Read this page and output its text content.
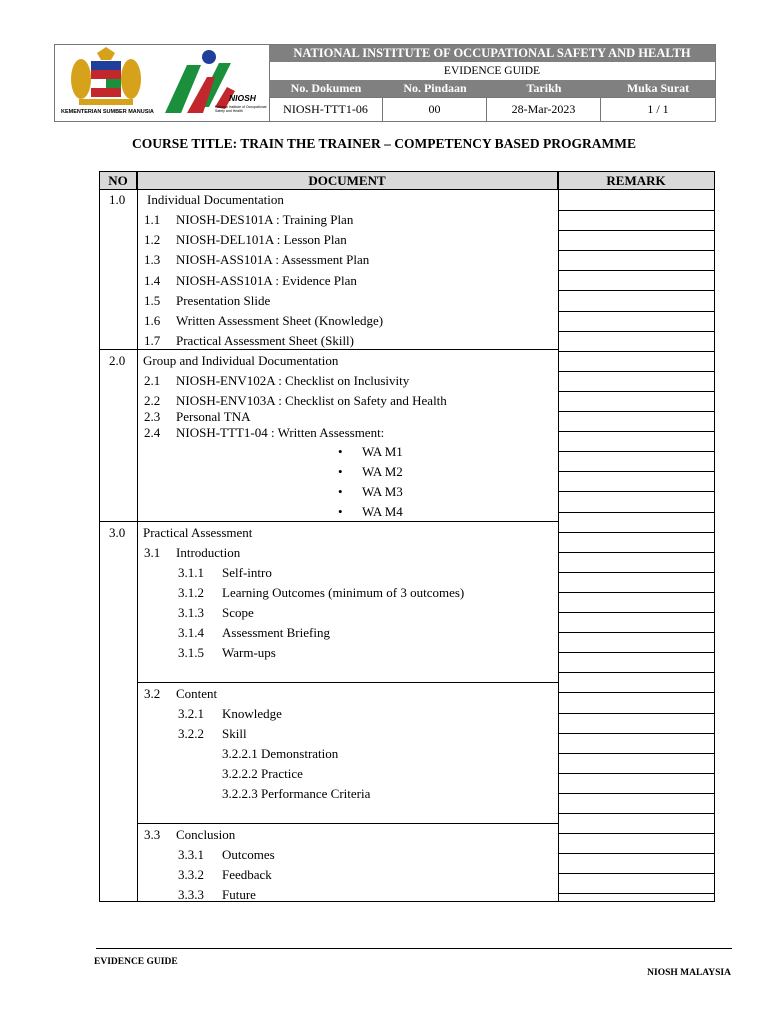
KEMENTERIAN SUMBER MANUSIA
NIOSH
National Institute of Occupational Safety and Health
NATIONAL INSTITUTE OF OCCUPATIONAL SAFETY AND HEALTH
EVIDENCE GUIDE
No. Dokumen	No. Pindaan	Tarikh	Muka Surat
NIOSH-TTT1-06	00	28-Mar-2023	1 / 1
COURSE TITLE: TRAIN THE TRAINER – COMPETENCY BASED PROGRAMME
NO	DOCUMENT	REMARK
1.0 Individual Documentation
1.1 NIOSH-DES101A : Training Plan
1.2 NIOSH-DEL101A : Lesson Plan
1.3 NIOSH-ASS101A : Assessment Plan
1.4 NIOSH-ASS101A : Evidence Plan
1.5 Presentation Slide
1.6 Written Assessment Sheet (Knowledge)
1.7 Practical Assessment Sheet (Skill)
2.0 Group and Individual Documentation
2.1 NIOSH-ENV102A : Checklist on Inclusivity
2.2 NIOSH-ENV103A : Checklist on Safety and Health
2.3 Personal TNA
2.4 NIOSH-TTT1-04 : Written Assessment:
• WA M1
• WA M2
• WA M3
• WA M4
3.0 Practical Assessment
3.1 Introduction
3.1.1 Self-intro
3.1.2 Learning Outcomes (minimum of 3 outcomes)
3.1.3 Scope
3.1.4 Assessment Briefing
3.1.5 Warm-ups
3.2 Content
3.2.1 Knowledge
3.2.2 Skill
3.2.2.1 Demonstration
3.2.2.2 Practice
3.2.2.3 Performance Criteria
3.3 Conclusion
3.3.1 Outcomes
3.3.2 Feedback
3.3.3 Future
EVIDENCE GUIDE
NIOSH MALAYSIA
